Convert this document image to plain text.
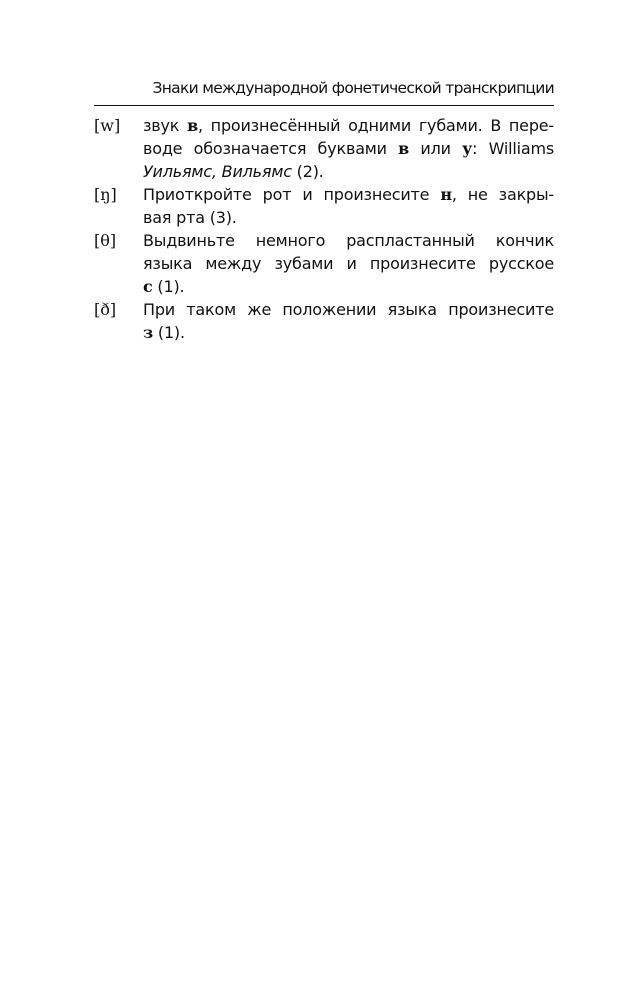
Знаки международной фонетической транскрипции
[w]	звук в, произнесённый одними губами. В пере-
воде обозначается буквами в или у: Williams
Уильямс, Вильямс (2).
[ŋ]	Приоткройте рот и произнесите н, не закры-
вая рта (3).
[θ]	Выдвиньте немного распластанный кончик
языка между зубами и произнесите русское
с (1).
[ð]	При таком же положении языка произнесите
з (1).
